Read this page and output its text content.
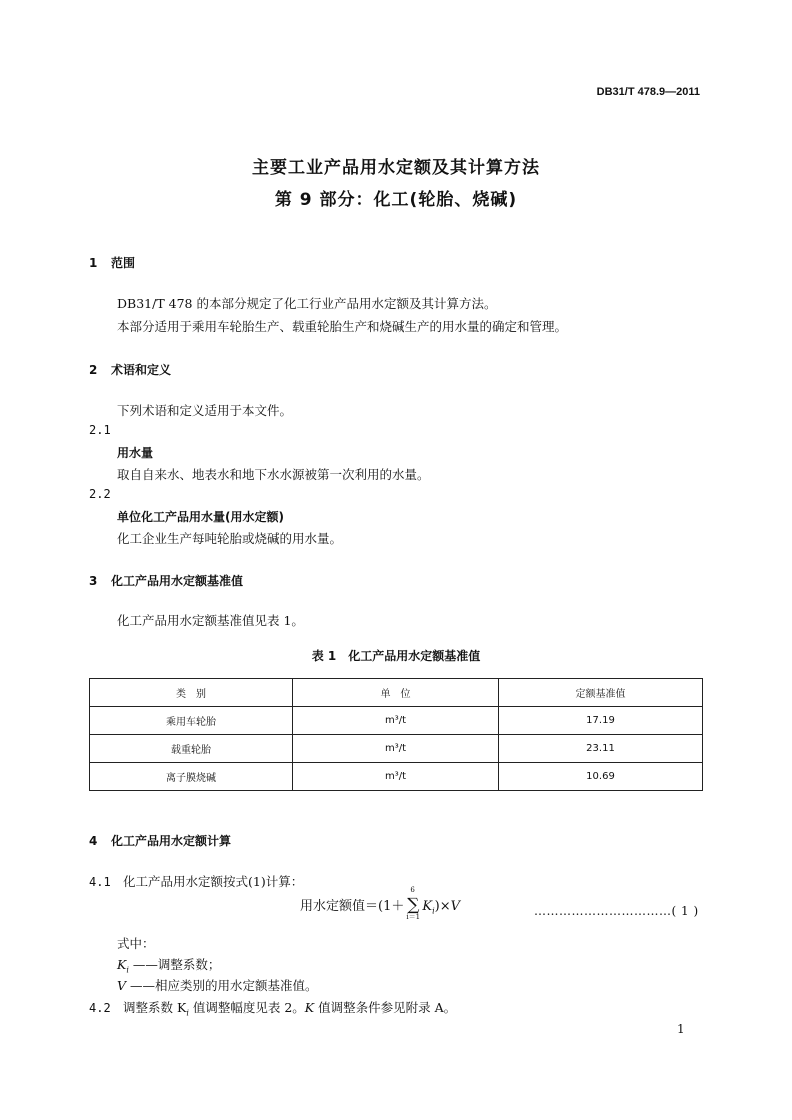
DB31/T 478.9—2011
主要工业产品用水定额及其计算方法
第 9 部分：化工(轮胎、烧碱)
1 范围
DB31/T 478 的本部分规定了化工行业产品用水定额及其计算方法。
本部分适用于乘用车轮胎生产、载重轮胎生产和烧碱生产的用水量的确定和管理。
2 术语和定义
下列术语和定义适用于本文件。
2.1
用水量
取自自来水、地表水和地下水水源被第一次利用的水量。
2.2
单位化工产品用水量(用水定额)
化工企业生产每吨轮胎或烧碱的用水量。
3 化工产品用水定额基准值
化工产品用水定额基准值见表 1。
表 1　化工产品用水定额基准值
类　别	单　位	定额基准值
乘用车轮胎	m³/t	17.19
载重轮胎	m³/t	23.11
离子膜烧碱	m³/t	10.69
4 化工产品用水定额计算
4.1 化工产品用水定额按式(1)计算：
用水定额值＝(1＋
6
∑
i＝1
$K_i)\times V$	……………………………( 1 )
式中：
$K_i$ ——调整系数；
V ——相应类别的用水定额基准值。
4.2 调整系数 $K_i$ 值调整幅度见表 2。K 值调整条件参见附录 A。
1
